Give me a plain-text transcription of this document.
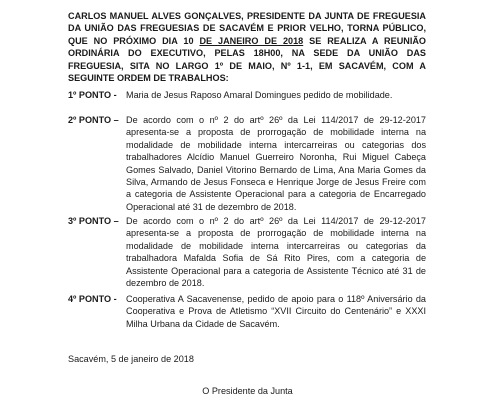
CARLOS MANUEL ALVES GONÇALVES, PRESIDENTE DA JUNTA DE FREGUESIA DA UNIÃO DAS FREGUESIAS DE SACAVÉM E PRIOR VELHO, TORNA PÚBLICO, QUE NO PRÓXIMO DIA 10 DE JANEIRO DE 2018 SE REALIZA A REUNIÃO ORDINÁRIA DO EXECUTIVO, PELAS 18H00, NA SEDE DA UNIÃO DAS FREGUESIA, SITA NO LARGO 1º DE MAIO, Nº 1-1, EM SACAVÉM, COM A SEGUINTE ORDEM DE TRABALHOS:
1º PONTO - Maria de Jesus Raposo Amaral Domingues pedido de mobilidade.
2º PONTO – De acordo com o nº 2 do artº 26º da Lei 114/2017 de 29-12-2017 apresenta-se a proposta de prorrogação de mobilidade interna na modalidade de mobilidade interna intercarreiras ou categorias dos trabalhadores Alcídio Manuel Guerreiro Noronha, Rui Miguel Cabeça Gomes Salvado, Daniel Vitorino Bernardo de Lima, Ana Maria Gomes da Silva, Armando de Jesus Fonseca e Henrique Jorge de Jesus Freire com a categoria de Assistente Operacional para a categoria de Encarregado Operacional até 31 de dezembro de 2018.
3º PONTO – De acordo com o nº 2 do artº 26º da Lei 114/2017 de 29-12-2017 apresenta-se a proposta de prorrogação de mobilidade interna na modalidade de mobilidade interna intercarreiras ou categorias da trabalhadora Mafalda Sofia de Sá Rito Pires, com a categoria de Assistente Operacional para a categoria de Assistente Técnico até 31 de dezembro de 2018.
4º PONTO - Cooperativa A Sacavenense, pedido de apoio para o 118º Aniversário da Cooperativa e Prova de Atletismo “XVII Circuito do Centenário” e XXXI Milha Urbana da Cidade de Sacavém.
Sacavém, 5 de janeiro de 2018
O Presidente da Junta
